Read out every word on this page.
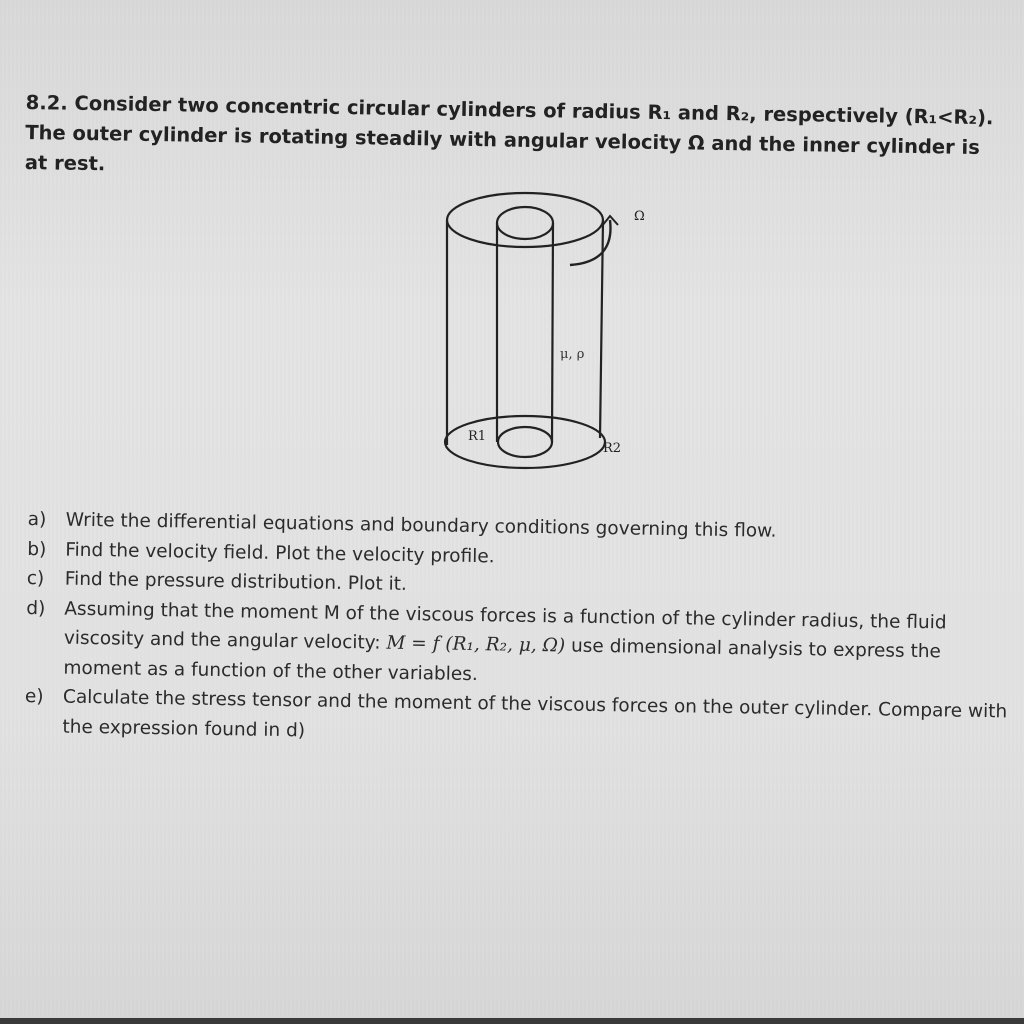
8.2. Consider two concentric circular cylinders of radius R₁ and R₂, respectively (R₁<R₂). The outer cylinder is rotating steadily with angular velocity Ω and the inner cylinder is at rest.
Ω
μ, ρ
R1
R2
a)	Write the differential equations and boundary conditions governing this flow.
b)	Find the velocity field. Plot the velocity profile.
c)	Find the pressure distribution. Plot it.
d)	Assuming that the moment M of the viscous forces is a function of the cylinder radius, the fluid viscosity and the angular velocity: M = f (R₁, R₂, μ, Ω) use dimensional analysis to express the moment as a function of the other variables.
e)	Calculate the stress tensor and the moment of the viscous forces on the outer cylinder. Compare with the expression found in d)
